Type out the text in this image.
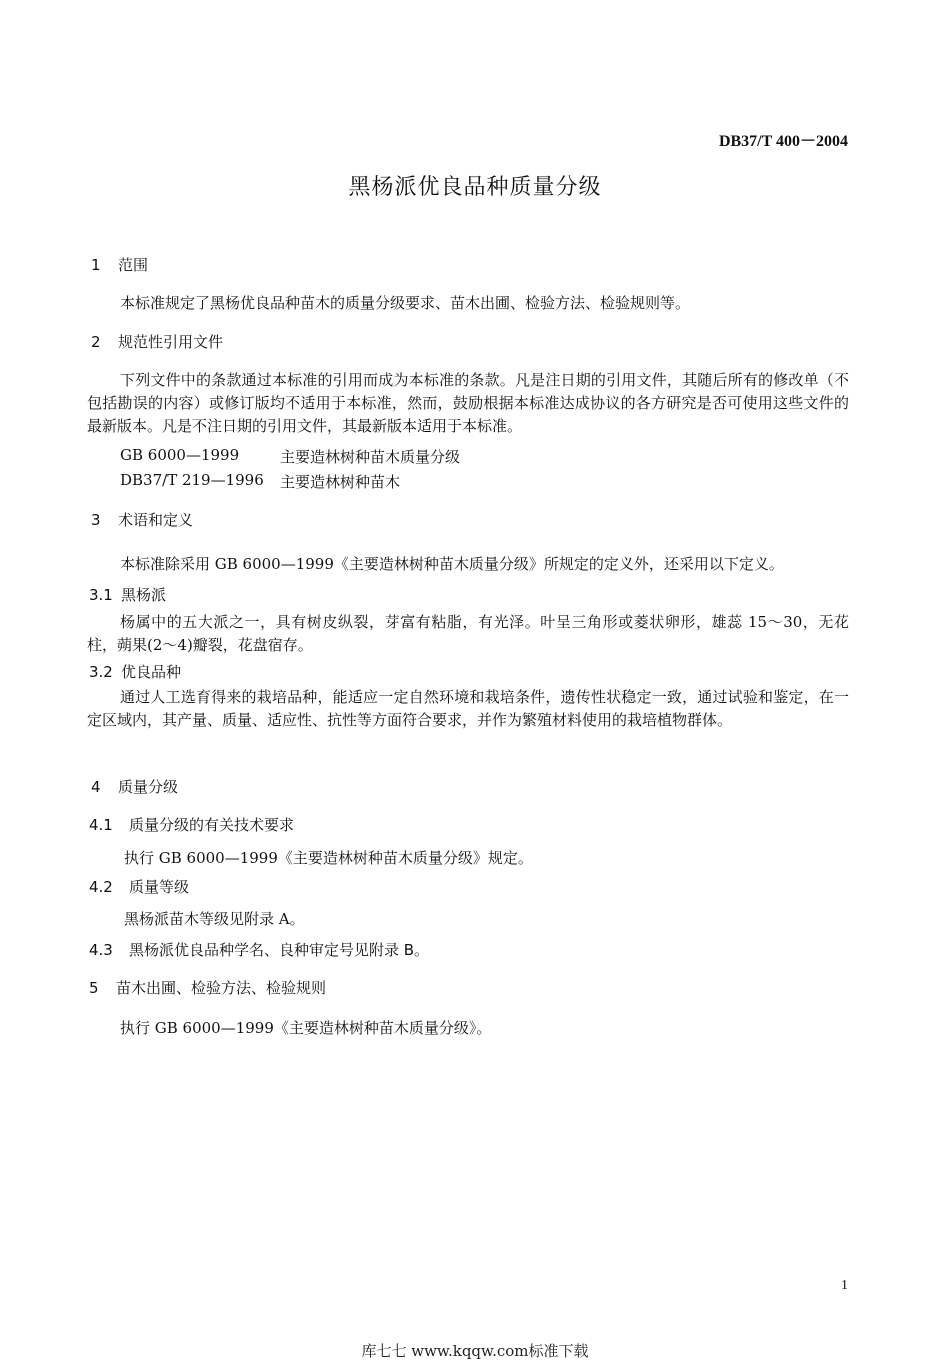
DB37/T 400－2004
黑杨派优良品种质量分级
1 范围
本标准规定了黑杨优良品种苗木的质量分级要求、苗木出圃、检验方法、检验规则等。
2 规范性引用文件
下列文件中的条款通过本标准的引用而成为本标准的条款。凡是注日期的引用文件，其随后所有的修改单（不包括勘误的内容）或修订版均不适用于本标准，然而，鼓励根据本标准达成协议的各方研究是否可使用这些文件的最新版本。凡是不注日期的引用文件，其最新版本适用于本标准。
GB 6000—1999	主要造林树种苗木质量分级
DB37/T 219—1996 主要造林树种苗木
3 术语和定义
本标准除采用 GB 6000—1999《主要造林树种苗木质量分级》所规定的定义外，还采用以下定义。
3.1 黑杨派
杨属中的五大派之一，具有树皮纵裂，芽富有粘脂，有光泽。叶呈三角形或菱状卵形，雄蕊 15～30，无花柱，蒴果(2～4)瓣裂，花盘宿存。
3.2 优良品种
通过人工选育得来的栽培品种，能适应一定自然环境和栽培条件，遗传性状稳定一致，通过试验和鉴定，在一定区域内，其产量、质量、适应性、抗性等方面符合要求，并作为繁殖材料使用的栽培植物群体。
4 质量分级
4.1 质量分级的有关技术要求
执行 GB 6000—1999《主要造林树种苗木质量分级》规定。
4.2 质量等级
黑杨派苗木等级见附录 A。
4.3 黑杨派优良品种学名、良种审定号见附录 B。
5 苗木出圃、检验方法、检验规则
执行 GB 6000—1999《主要造林树种苗木质量分级》。
1
库七七 www.kqqw.com标准下载
